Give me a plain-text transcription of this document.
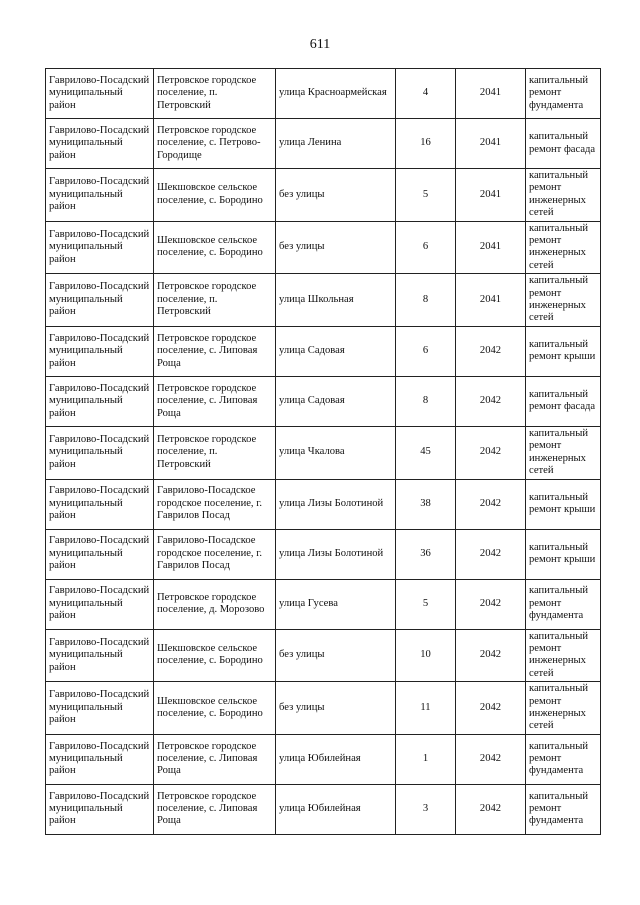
611
Гаврилово-Посадский муниципальный район	Петровское городское поселение, п. Петровский	улица Красноармейская	4	2041	капитальный ремонт фундамента
Гаврилово-Посадский муниципальный район	Петровское городское поселение, с. Петрово-Городище	улица Ленина	16	2041	капитальный ремонт фасада
Гаврилово-Посадский муниципальный район	Шекшовское сельское поселение, с. Бородино	без улицы	5	2041	капитальный ремонт инженерных сетей
Гаврилово-Посадский муниципальный район	Шекшовское сельское поселение, с. Бородино	без улицы	6	2041	капитальный ремонт инженерных сетей
Гаврилово-Посадский муниципальный район	Петровское городское поселение, п. Петровский	улица Школьная	8	2041	капитальный ремонт инженерных сетей
Гаврилово-Посадский муниципальный район	Петровское городское поселение, с. Липовая Роща	улица Садовая	6	2042	капитальный ремонт крыши
Гаврилово-Посадский муниципальный район	Петровское городское поселение, с. Липовая Роща	улица Садовая	8	2042	капитальный ремонт фасада
Гаврилово-Посадский муниципальный район	Петровское городское поселение, п. Петровский	улица Чкалова	45	2042	капитальный ремонт инженерных сетей
Гаврилово-Посадский муниципальный район	Гаврилово-Посадское городское поселение, г. Гаврилов Посад	улица Лизы Болотиной	38	2042	капитальный ремонт крыши
Гаврилово-Посадский муниципальный район	Гаврилово-Посадское городское поселение, г. Гаврилов Посад	улица Лизы Болотиной	36	2042	капитальный ремонт крыши
Гаврилово-Посадский муниципальный район	Петровское городское поселение, д. Морозово	улица Гусева	5	2042	капитальный ремонт фундамента
Гаврилово-Посадский муниципальный район	Шекшовское сельское поселение, с. Бородино	без улицы	10	2042	капитальный ремонт инженерных сетей
Гаврилово-Посадский муниципальный район	Шекшовское сельское поселение, с. Бородино	без улицы	11	2042	капитальный ремонт инженерных сетей
Гаврилово-Посадский муниципальный район	Петровское городское поселение, с. Липовая Роща	улица Юбилейная	1	2042	капитальный ремонт фундамента
Гаврилово-Посадский муниципальный район	Петровское городское поселение, с. Липовая Роща	улица Юбилейная	3	2042	капитальный ремонт фундамента
